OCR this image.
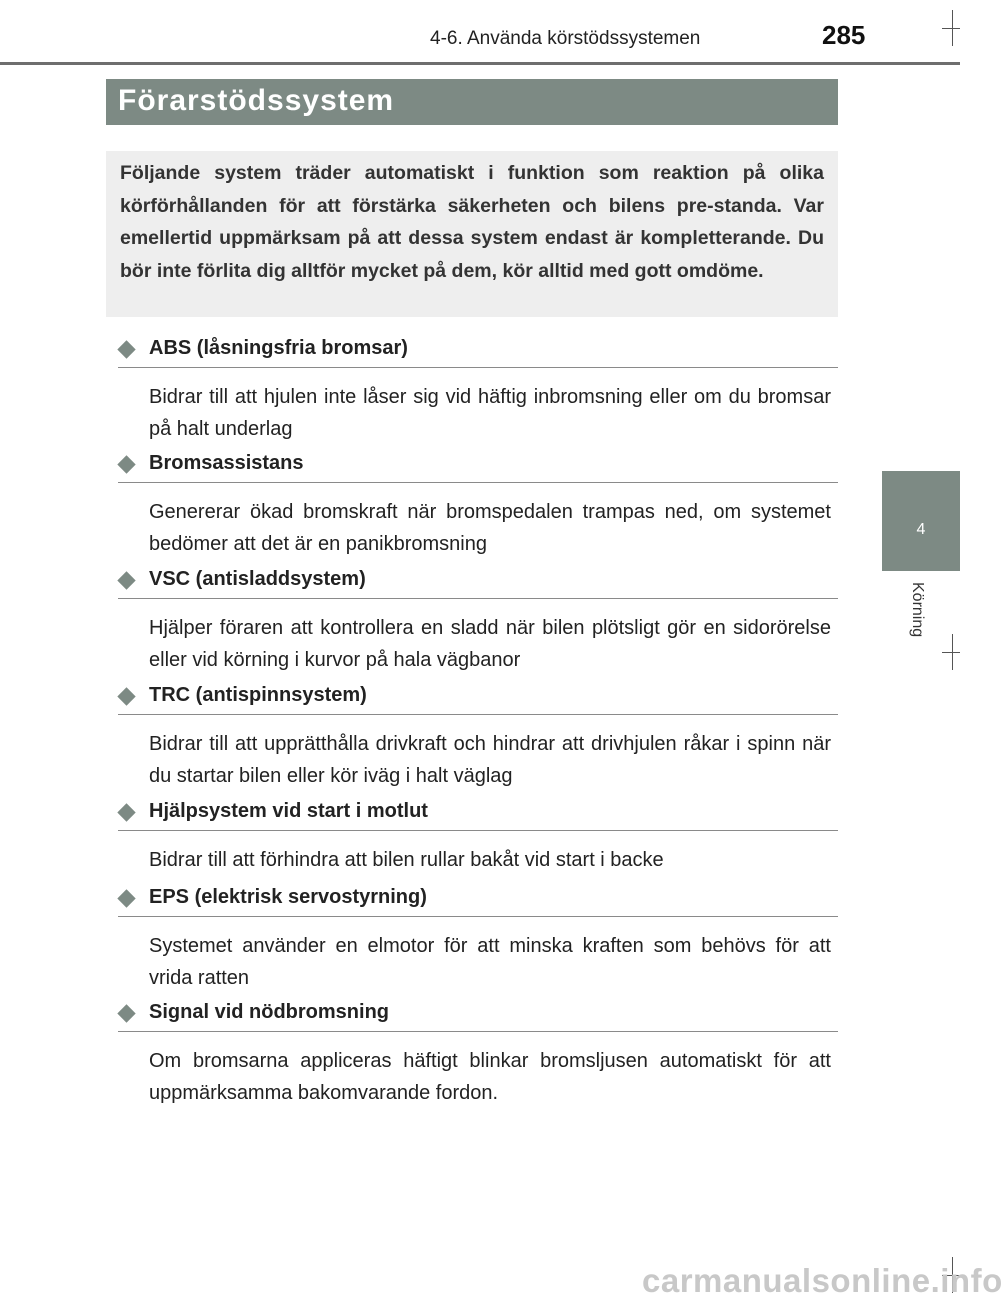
4-6. Använda körstödssystemen	285
4
Körning
Förarstödssystem
Följande system träder automatiskt i funktion som reaktion på olika körförhållanden för att förstärka säkerheten och bilens pre-standa. Var emellertid uppmärksam på att dessa system endast är kompletterande. Du bör inte förlita dig alltför mycket på dem, kör alltid med gott omdöme.
ABS (låsningsfria bromsar)
Bidrar till att hjulen inte låser sig vid häftig inbromsning eller om du bromsar på halt underlag
Bromsassistans
Genererar ökad bromskraft när bromspedalen trampas ned, om systemet bedömer att det är en panikbromsning
VSC (antisladdsystem)
Hjälper föraren att kontrollera en sladd när bilen plötsligt gör en sidorörelse eller vid körning i kurvor på hala vägbanor
TRC (antispinnsystem)
Bidrar till att upprätthålla drivkraft och hindrar att drivhjulen råkar i spinn när du startar bilen eller kör iväg i halt väglag
Hjälpsystem vid start i motlut
Bidrar till att förhindra att bilen rullar bakåt vid start i backe
EPS (elektrisk servostyrning)
Systemet använder en elmotor för att minska kraften som behövs för att vrida ratten
Signal vid nödbromsning
Om bromsarna appliceras häftigt blinkar bromsljusen automatiskt för att uppmärksamma bakomvarande fordon.
carmanualsonline.info
